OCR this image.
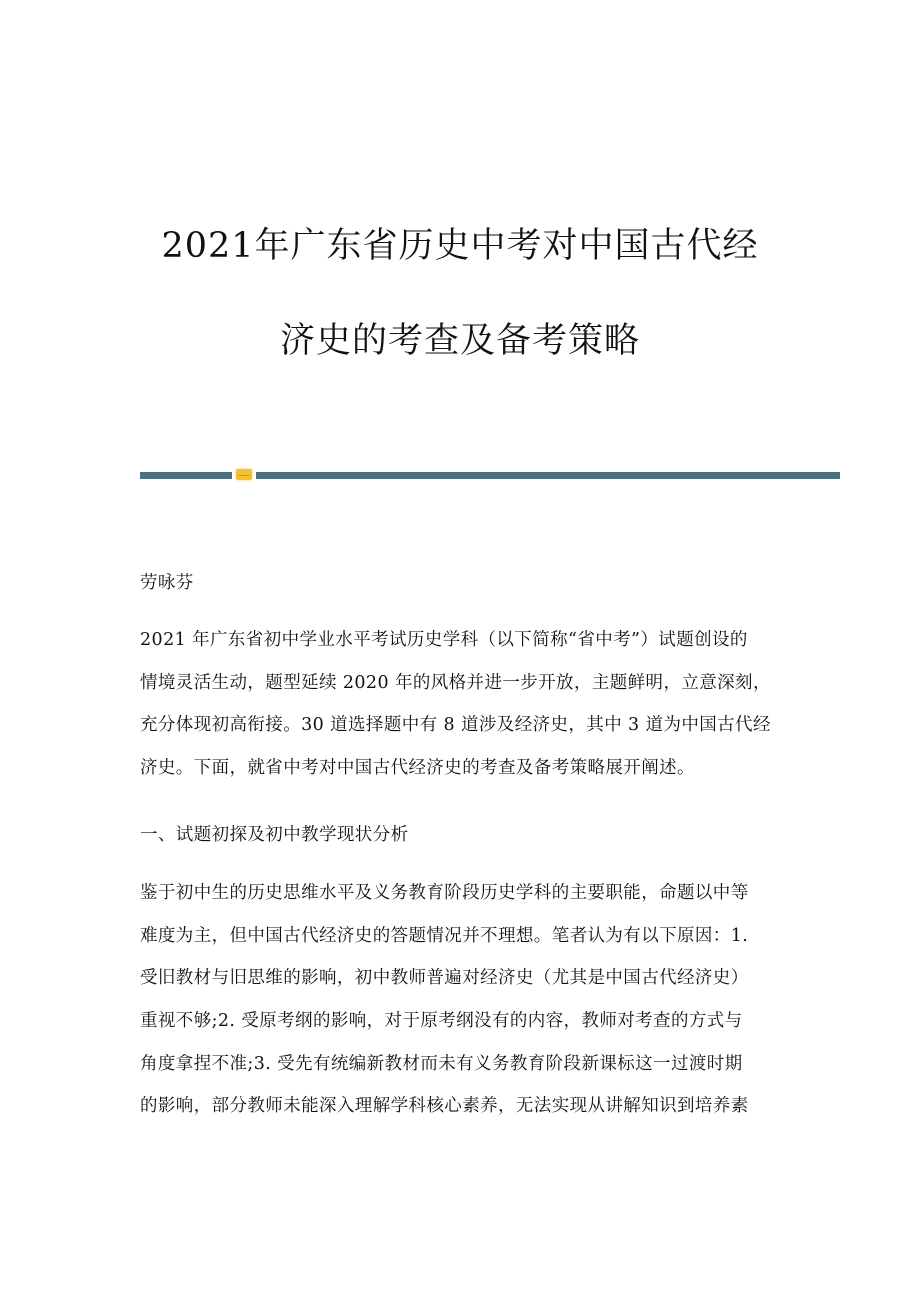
2021年广东省历史中考对中国古代经
济史的考查及备考策略
劳咏芬
2021 年广东省初中学业水平考试历史学科（以下简称“省中考”）试题创设的
情境灵活生动，题型延续 2020 年的风格并进一步开放，主题鲜明，立意深刻，
充分体现初高衔接。30 道选择题中有 8 道涉及经济史，其中 3 道为中国古代经
济史。下面，就省中考对中国古代经济史的考查及备考策略展开阐述。
一、试题初探及初中教学现状分析
鉴于初中生的历史思维水平及义务教育阶段历史学科的主要职能，命题以中等
难度为主，但中国古代经济史的答题情况并不理想。笔者认为有以下原因：1.
受旧教材与旧思维的影响，初中教师普遍对经济史（尤其是中国古代经济史）
重视不够;2. 受原考纲的影响，对于原考纲没有的内容，教师对考查的方式与
角度拿捏不准;3. 受先有统编新教材而未有义务教育阶段新课标这一过渡时期
的影响，部分教师未能深入理解学科核心素养，无法实现从讲解知识到培养素
